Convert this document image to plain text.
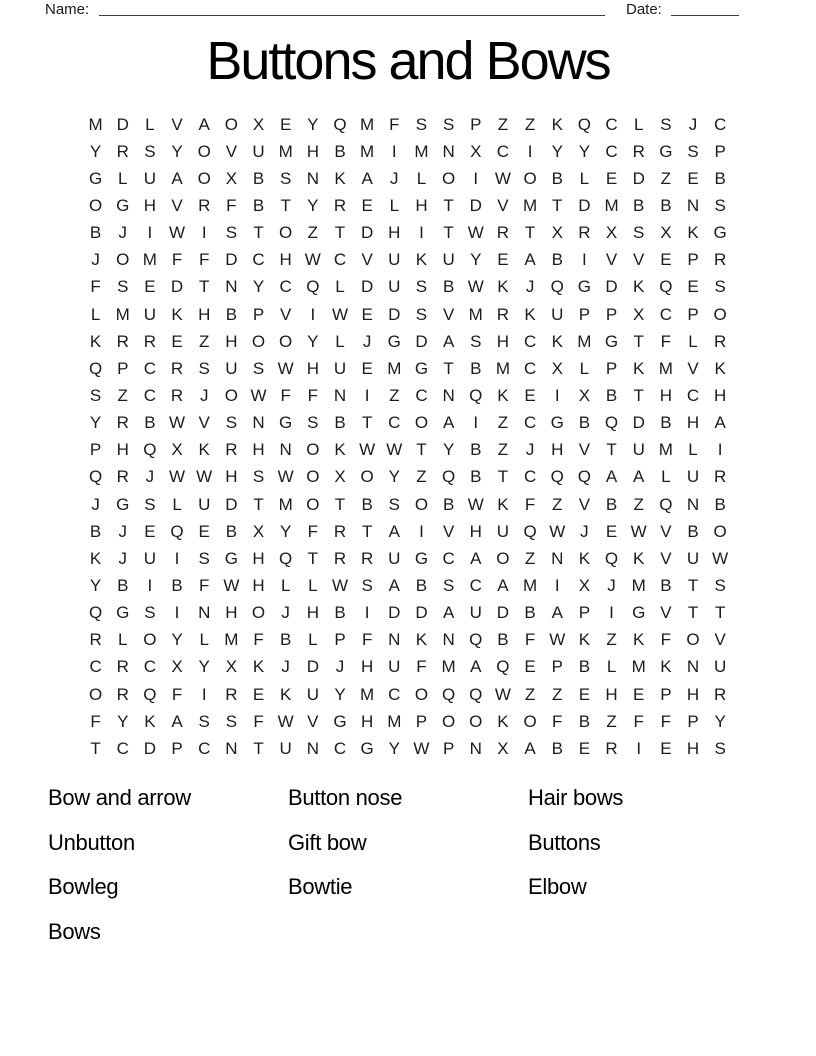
Name:	Date:
Buttons and Bows
M D L V A O X E Y Q M F S S P Z Z K Q C L S	J C
Y R S Y O V U M H B M	I	M N X C	I	Y Y C R G S P
G L U A O X B S N K A	J	L O	I W O B L E D Z E B
O G H V R F B T Y R E L H T D V M T D M B B N S
B	J	I W I	S T O Z T D H	I	T W R T X R X S X K G
J O M F F D C H W C V U K U Y E A B	I	V V E P R
F S E D T N Y C Q L D U S B W K	J Q G D K Q E S
L M U K H B P V	I W E D S V M R K U P P X C P O
K R R E Z H O O Y L	J G D A S H C K M G T F	L R
Q P C R S U S W H U E M G T B M C X L P K M V K
S Z C R J O W F F N	I	Z C N Q K E	I	X B T H C H
Y R B W V S N G S B T C O A	I	Z C G B Q D B H A
P H Q X K R H N O K W W T Y B Z	J H V T U M L	I
Q R J W W H S W O X O Y Z Q B T C Q Q A A L U R
J G S L U D T M O T B S O B W K F Z V B Z Q N B
B	J	E Q E B X Y F R T A	I	V H U Q W J	E W V B O
K	J U	I	S G H Q T R R U G C A O Z N K Q K V U W
Y B	I	B F W H L	L W S A B S C A M	I	X	J M B T S
Q G S	I	N H O J H B	I	D D A U D B A P	I	G V T T
R L O Y L M F B L P F N K N Q B F W K Z K F O V
C R C X Y X K	J D J H U F M A Q E P B L M K N U
O R Q F	I	R E K U Y M C O Q Q W Z Z E H E P H R
F Y K A S S F W V G H M P O O K O F B Z F F P Y
T C D P C N T U N C G Y W P N X A B E R	I	E H S
Bow and arrow
Unbutton
Bowleg
Bows
Button nose
Gift bow
Bowtie
Hair bows
Buttons
Elbow
